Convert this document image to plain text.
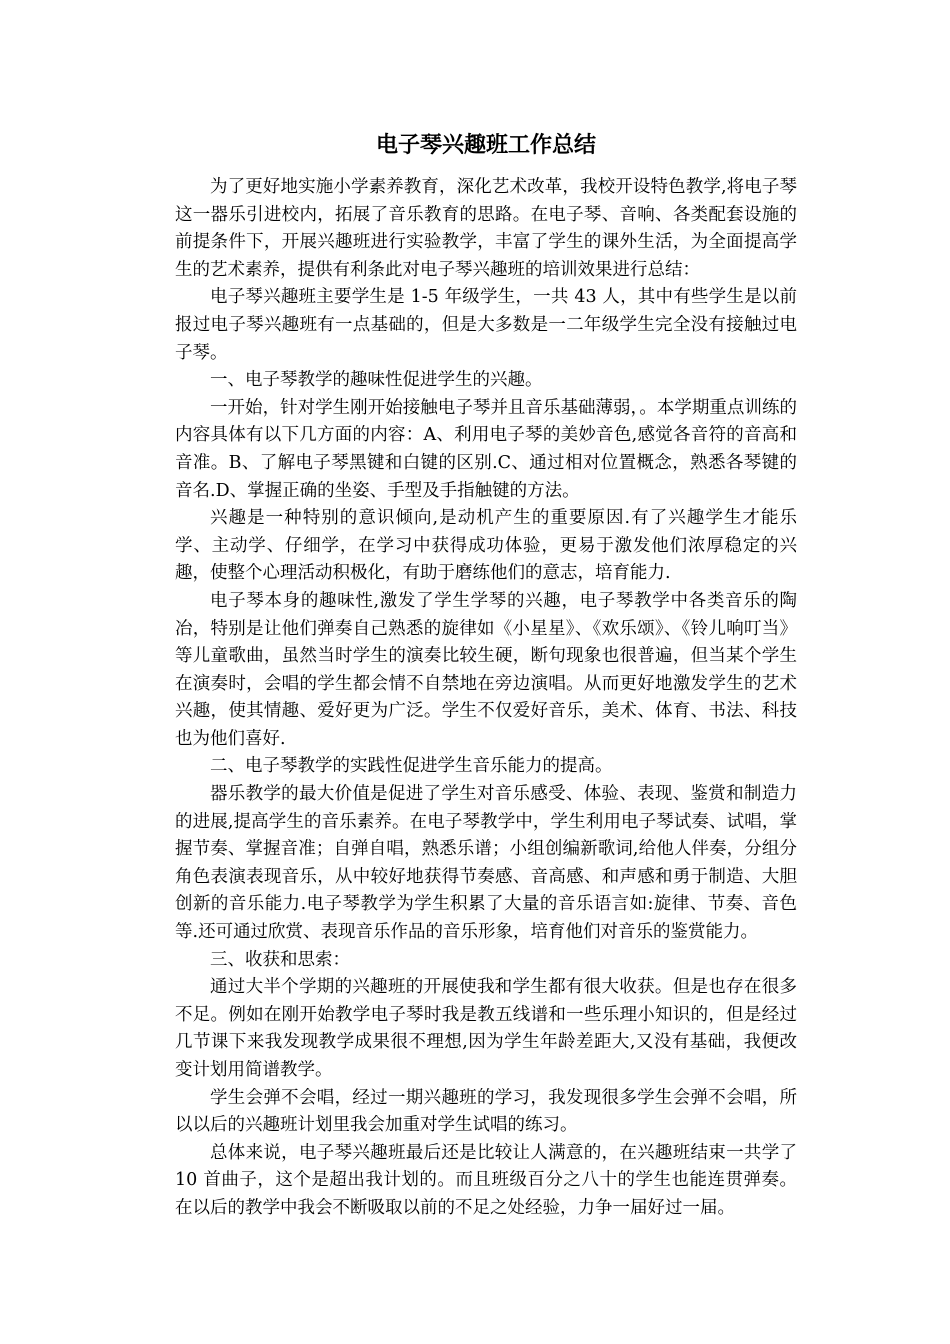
电子琴兴趣班工作总结

为了更好地实施小学素养教育，深化艺术改革，我校开设特色教学,将电子琴这一器乐引进校内，拓展了音乐教育的思路。在电子琴、音响、各类配套设施的前提条件下，开展兴趣班进行实验教学，丰富了学生的课外生活，为全面提高学生的艺术素养，提供有利条此对电子琴兴趣班的培训效果进行总结：

电子琴兴趣班主要学生是 1-5 年级学生，一共 43 人，其中有些学生是以前报过电子琴兴趣班有一点基础的，但是大多数是一二年级学生完全没有接触过电子琴。

一、电子琴教学的趣味性促进学生的兴趣。

一开始，针对学生刚开始接触电子琴并且音乐基础薄弱，。本学期重点训练的内容具体有以下几方面的内容：A、利用电子琴的美妙音色,感觉各音符的音高和音准。B、了解电子琴黑键和白键的区别.C、通过相对位置概念，熟悉各琴键的音名.D、掌握正确的坐姿、手型及手指触键的方法。

兴趣是一种特别的意识倾向,是动机产生的重要原因.有了兴趣学生才能乐学、主动学、仔细学，在学习中获得成功体验，更易于激发他们浓厚稳定的兴趣，使整个心理活动积极化，有助于磨练他们的意志，培育能力.

电子琴本身的趣味性,激发了学生学琴的兴趣，电子琴教学中各类音乐的陶冶，特别是让他们弹奏自己熟悉的旋律如《小星星》、《欢乐颂》、《铃儿响叮当》等儿童歌曲，虽然当时学生的演奏比较生硬，断句现象也很普遍，但当某个学生在演奏时，会唱的学生都会情不自禁地在旁边演唱。从而更好地激发学生的艺术兴趣，使其情趣、爱好更为广泛。学生不仅爱好音乐，美术、体育、书法、科技也为他们喜好.

二、电子琴教学的实践性促进学生音乐能力的提高。

器乐教学的最大价值是促进了学生对音乐感受、体验、表现、鉴赏和制造力的进展,提高学生的音乐素养。在电子琴教学中，学生利用电子琴试奏、试唱，掌握节奏、掌握音准；自弹自唱，熟悉乐谱；小组创编新歌词,给他人伴奏，分组分角色表演表现音乐，从中较好地获得节奏感、音高感、和声感和勇于制造、大胆创新的音乐能力.电子琴教学为学生积累了大量的音乐语言如:旋律、节奏、音色等.还可通过欣赏、表现音乐作品的音乐形象，培育他们对音乐的鉴赏能力。

三、收获和思索：

通过大半个学期的兴趣班的开展使我和学生都有很大收获。但是也存在很多不足。例如在刚开始教学电子琴时我是教五线谱和一些乐理小知识的，但是经过几节课下来我发现教学成果很不理想,因为学生年龄差距大,又没有基础，我便改变计划用简谱教学。

学生会弹不会唱，经过一期兴趣班的学习，我发现很多学生会弹不会唱，所以以后的兴趣班计划里我会加重对学生试唱的练习。

总体来说，电子琴兴趣班最后还是比较让人满意的，在兴趣班结束一共学了 10 首曲子，这个是超出我计划的。而且班级百分之八十的学生也能连贯弹奏。在以后的教学中我会不断吸取以前的不足之处经验，力争一届好过一届。
